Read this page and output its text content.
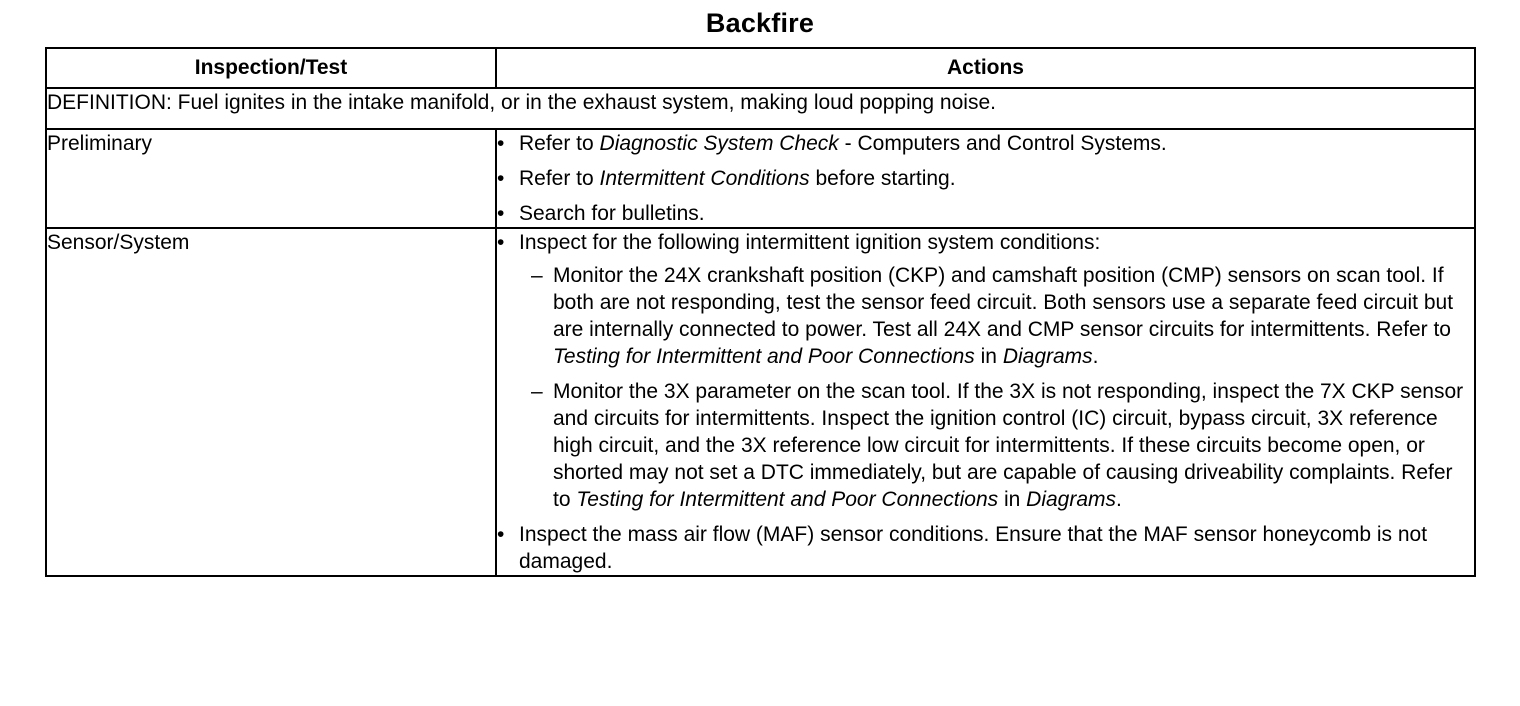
Backfire
Inspection/Test	Actions
DEFINITION: Fuel ignites in the intake manifold, or in the exhaust system, making loud popping noise.	
Preliminary	• Refer to Diagnostic System Check - Computers and Control Systems.
• Refer to Intermittent Conditions before starting.
• Search for bulletins.

Sensor/System	• Inspect for the following intermittent ignition system conditions:
– Monitor the 24X crankshaft position (CKP) and camshaft position (CMP) sensors on scan tool. If both are not responding, test the sensor feed circuit. Both sensors use a separate feed circuit but are internally connected to power. Test all 24X and CMP sensor circuits for intermittents. Refer to Testing for Intermittent and Poor Connections in Diagrams.
– Monitor the 3X parameter on the scan tool. If the 3X is not responding, inspect the 7X CKP sensor and circuits for intermittents. Inspect the ignition control (IC) circuit, bypass circuit, 3X reference high circuit, and the 3X reference low circuit for intermittents. If these circuits become open, or shorted may not set a DTC immediately, but are capable of causing driveability complaints. Refer to Testing for Intermittent and Poor Connections in Diagrams.
• Inspect the mass air flow (MAF) sensor conditions. Ensure that the MAF sensor honeycomb is not damaged.
